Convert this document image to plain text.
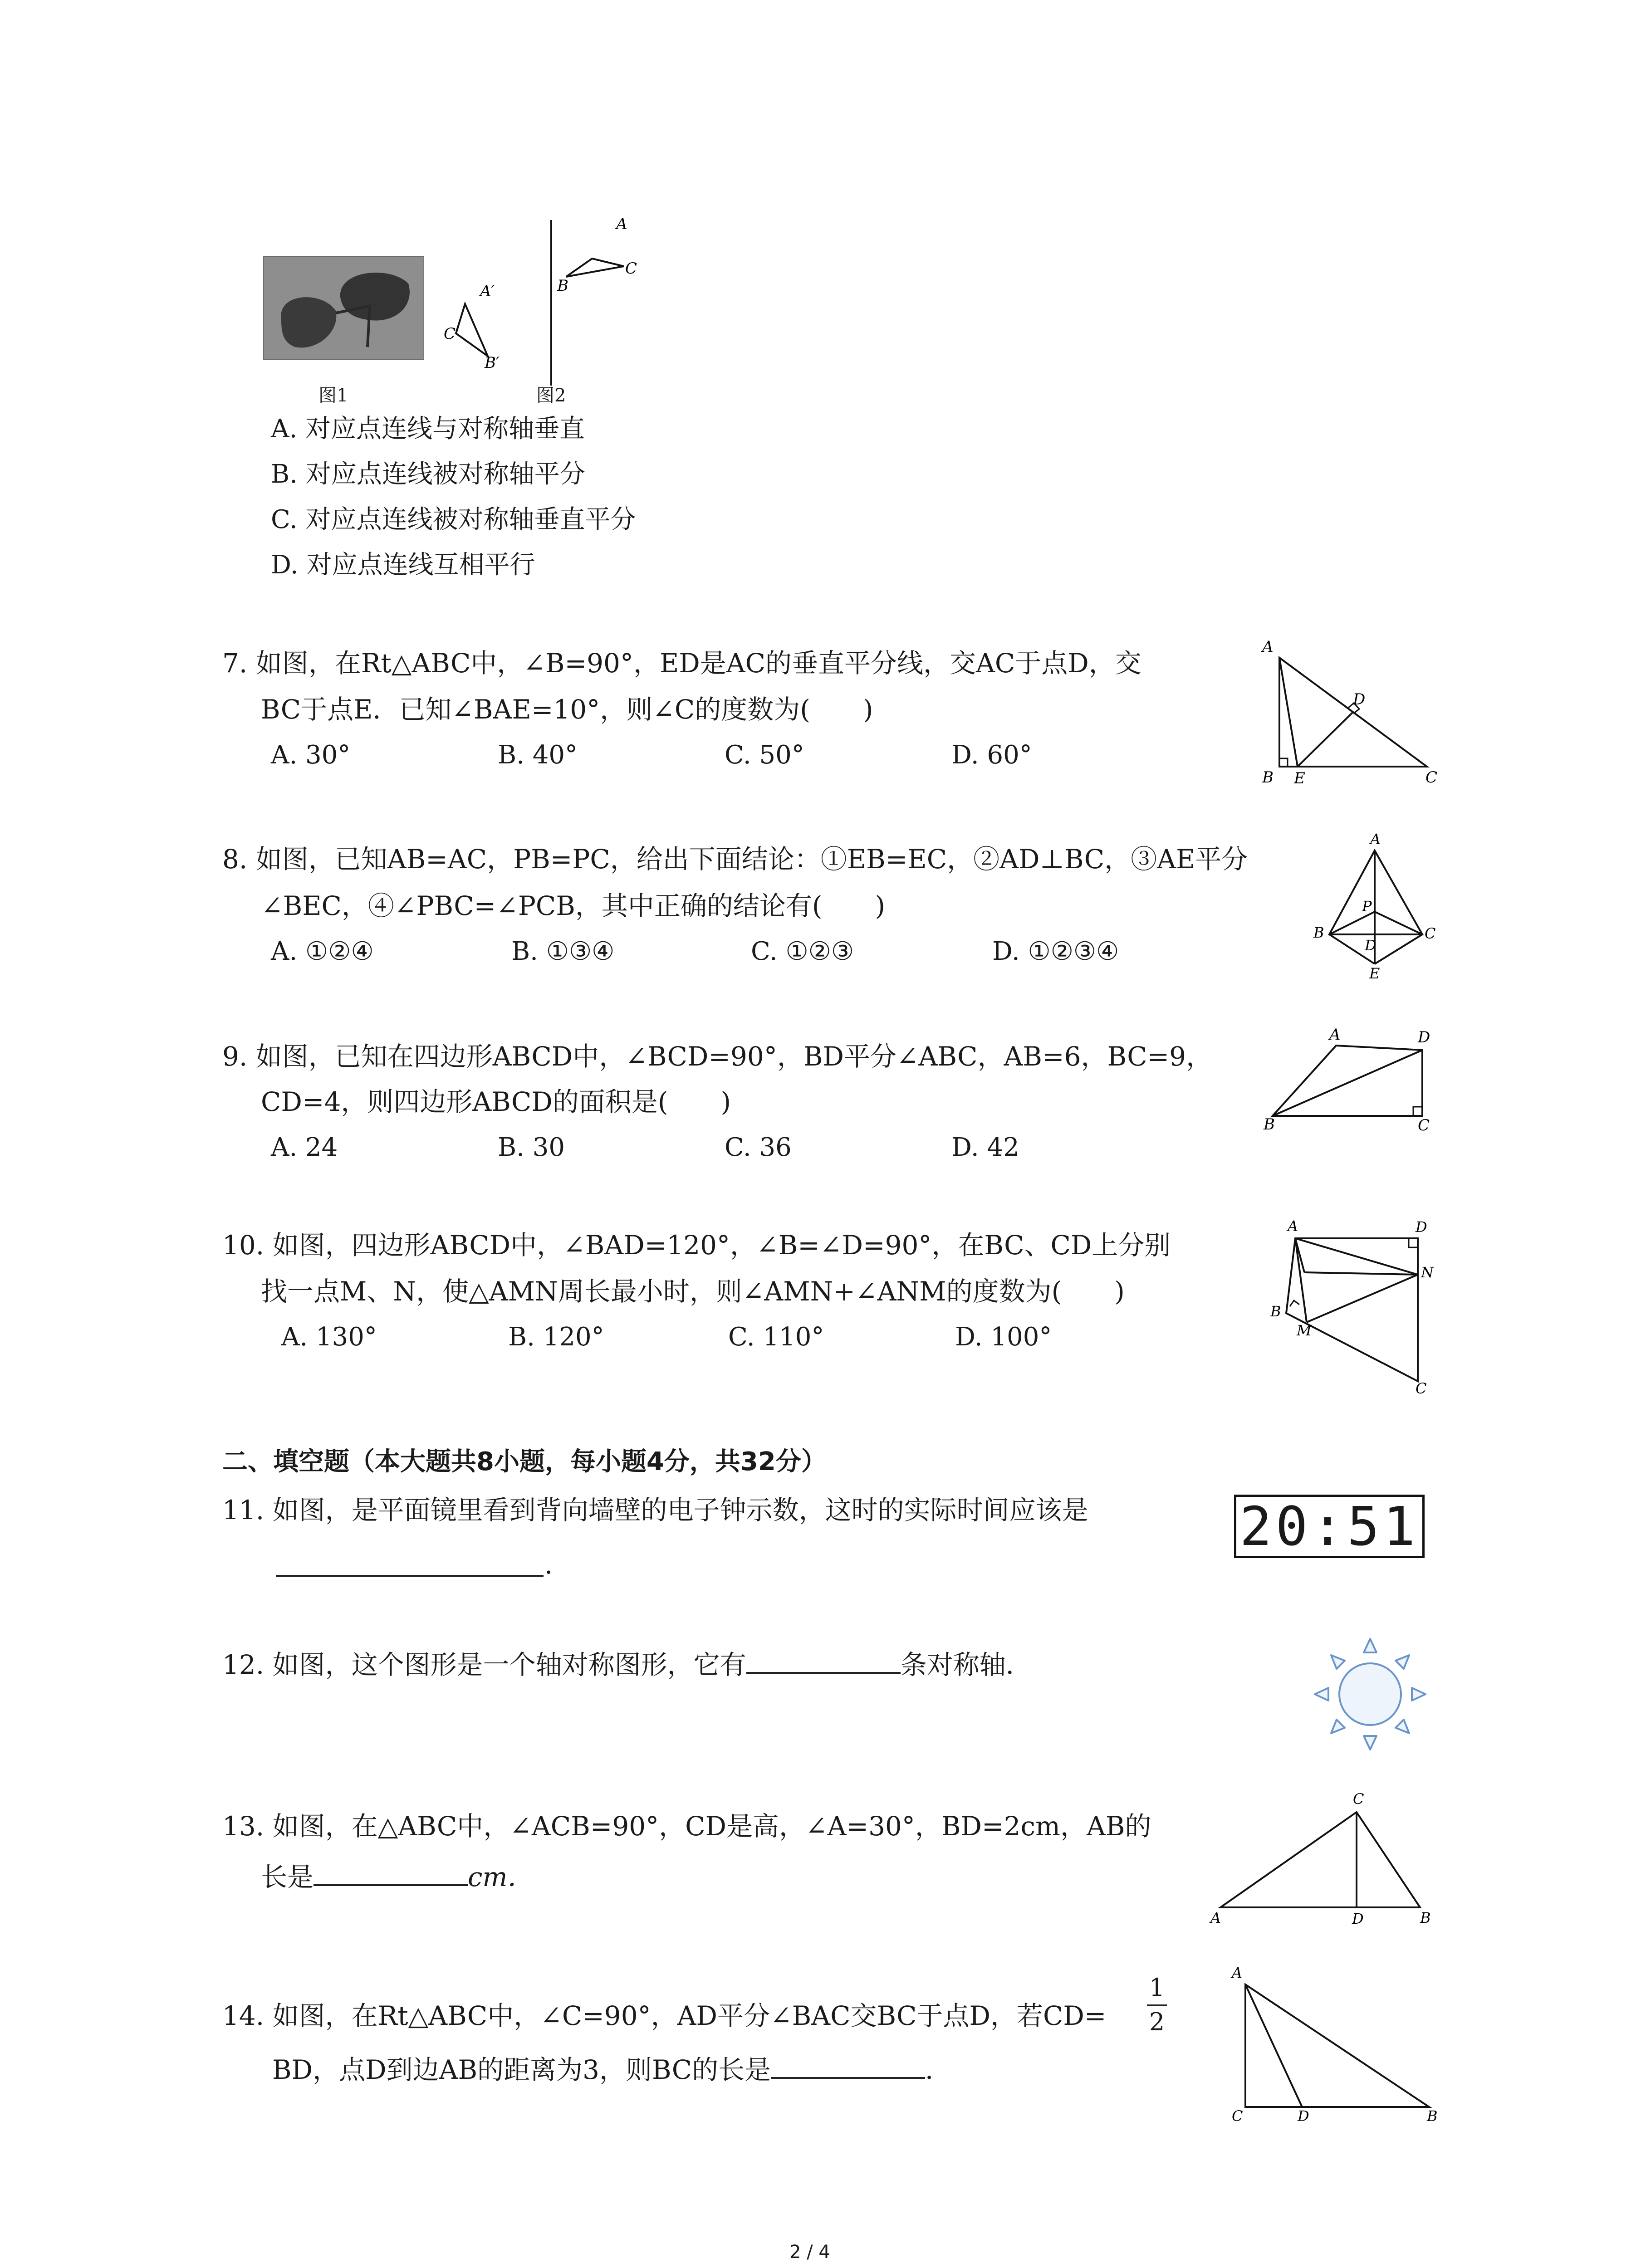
图1
A
B
C
A′
B′
C′
图2
A. 对应点连线与对称轴垂直
B. 对应点连线被对称轴平分
C. 对应点连线被对称轴垂直平分
D. 对应点连线互相平行
7. 如图，在Rt△ABC中，∠B=90°，ED是AC的垂直平分线，交AC于点D，交
BC于点E．已知∠BAE=10°，则∠C的度数为(　　)
A. 30°	B. 40°	C. 50°	D. 60°
A
B	C
D
E
8. 如图，已知AB=AC，PB=PC，给出下面结论：①EB=EC，②AD⊥BC，③AE平分
∠BEC，④∠PBC=∠PCB，其中正确的结论有(　　)
A. ①②④	B. ①③④	C. ①②③	D. ①②③④
A
B	C
D
E
P
9. 如图，已知在四边形ABCD中，∠BCD=90°，BD平分∠ABC，AB=6，BC=9，
CD=4，则四边形ABCD的面积是(　　)
A. 24	B. 30	C. 36	D. 42
A
B	C
D
10. 如图，四边形ABCD中，∠BAD=120°，∠B=∠D=90°，在BC、CD上分别
找一点M、N，使△AMN周长最小时，则∠AMN+∠ANM的度数为(　　)
A. 130°	B. 120°	C. 110°	D. 100°
A
B
C
D
M
N
二、填空题（本大题共8小题，每小题4分，共32分）
11. 如图，是平面镜里看到背向墙壁的电子钟示数，这时的实际时间应该是
.
20:51
12. 如图，这个图形是一个轴对称图形，它有	条对称轴．
13. 如图，在△ABC中，∠ACB=90°，CD是高，∠A=30°，BD=2cm，AB的
长是	cm．
C
A	D	B
14. 如图，在Rt△ABC中，∠C=90°，AD平分∠BAC交BC于点D，若CD=
1
2
BD，点D到边AB的距离为3，则BC的长是	．
A
C	D	B
2 / 4
